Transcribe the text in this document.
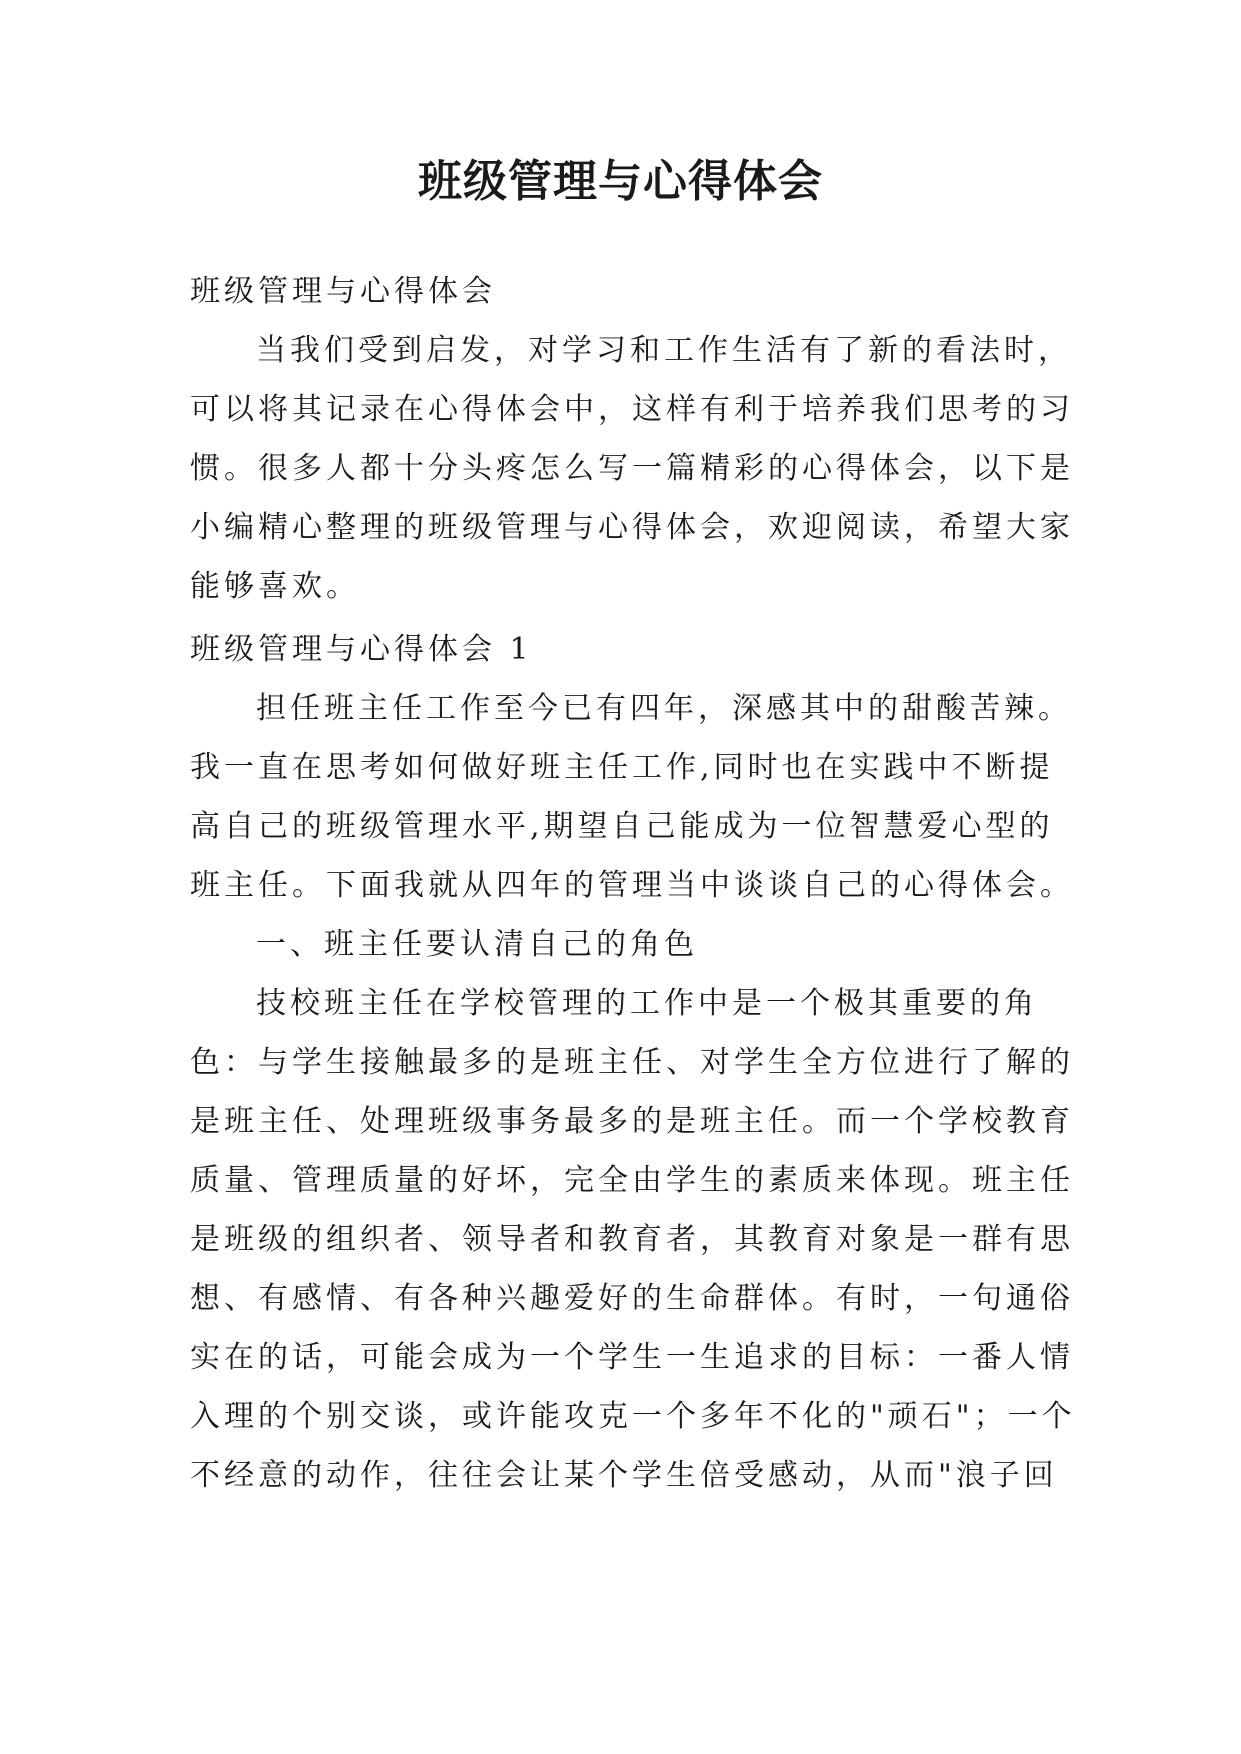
班级管理与心得体会
班级管理与心得体会
当我们受到启发，对学习和工作生活有了新的看法时，
可以将其记录在心得体会中，这样有利于培养我们思考的习
惯。很多人都十分头疼怎么写一篇精彩的心得体会，以下是
小编精心整理的班级管理与心得体会，欢迎阅读，希望大家
能够喜欢。
班级管理与心得体会 1
担任班主任工作至今已有四年，深感其中的甜酸苦辣。
我一直在思考如何做好班主任工作,同时也在实践中不断提
高自己的班级管理水平,期望自己能成为一位智慧爱心型的
班主任。下面我就从四年的管理当中谈谈自己的心得体会。
一、班主任要认清自己的角色
技校班主任在学校管理的工作中是一个极其重要的角
色：与学生接触最多的是班主任、对学生全方位进行了解的
是班主任、处理班级事务最多的是班主任。而一个学校教育
质量、管理质量的好坏，完全由学生的素质来体现。班主任
是班级的组织者、领导者和教育者，其教育对象是一群有思
想、有感情、有各种兴趣爱好的生命群体。有时，一句通俗
实在的话，可能会成为一个学生一生追求的目标：一番人情
入理的个别交谈，或许能攻克一个多年不化的"顽石"；一个
不经意的动作，往往会让某个学生倍受感动，从而"浪子回
